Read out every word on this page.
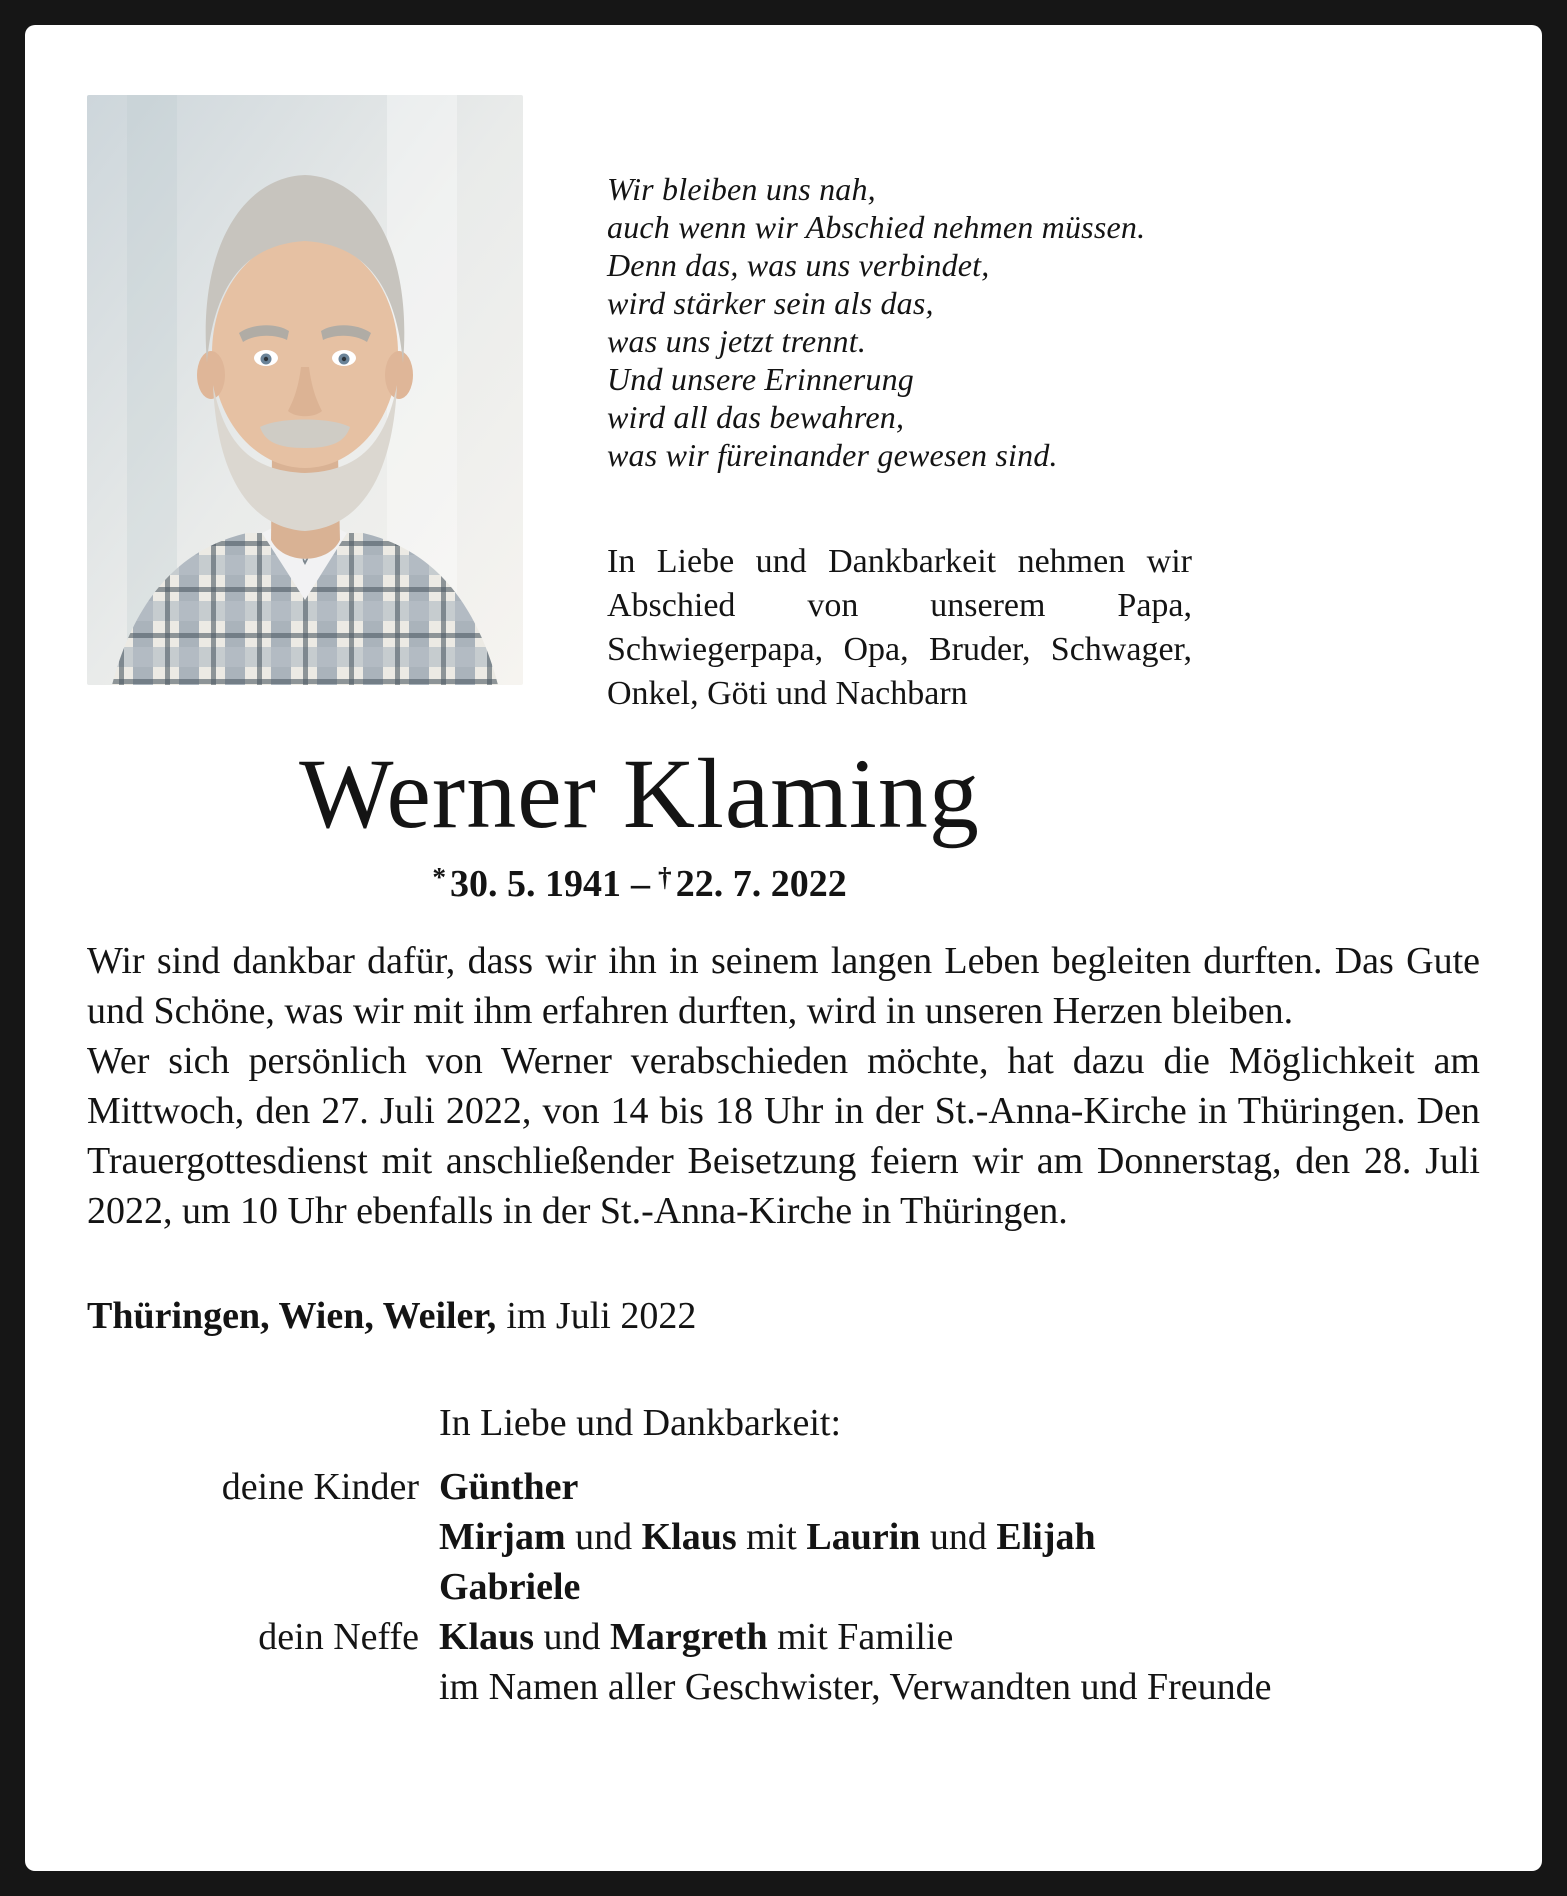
Wir bleiben uns nah,
auch wenn wir Abschied nehmen müssen.
Denn das, was uns verbindet,
wird stärker sein als das,
was uns jetzt trennt.
Und unsere Erinnerung
wird all das bewahren,
was wir füreinander gewesen sind.

In Liebe und Dankbarkeit nehmen wir Abschied von unserem Papa, Schwiegerpapa, Opa, Bruder, Schwager, Onkel, Göti und Nachbarn

Werner Klaming
* 30. 5. 1941 – † 22. 7. 2022

Wir sind dankbar dafür, dass wir ihn in seinem langen Leben begleiten durften. Das Gute und Schöne, was wir mit ihm erfahren durften, wird in unseren Herzen bleiben.

Wer sich persönlich von Werner verabschieden möchte, hat dazu die Möglichkeit am Mittwoch, den 27. Juli 2022, von 14 bis 18 Uhr in der St.-Anna-Kirche in Thüringen. Den Trauergottesdienst mit anschließender Beisetzung feiern wir am Donnerstag, den 28. Juli 2022, um 10 Uhr ebenfalls in der St.-Anna-Kirche in Thüringen.

Thüringen, Wien, Weiler, im Juli 2022

In Liebe und Dankbarkeit:
deine Kinder Günther
Mirjam und Klaus mit Laurin und Elijah
Gabriele
dein Neffe Klaus und Margreth mit Familie
im Namen aller Geschwister, Verwandten und Freunde
